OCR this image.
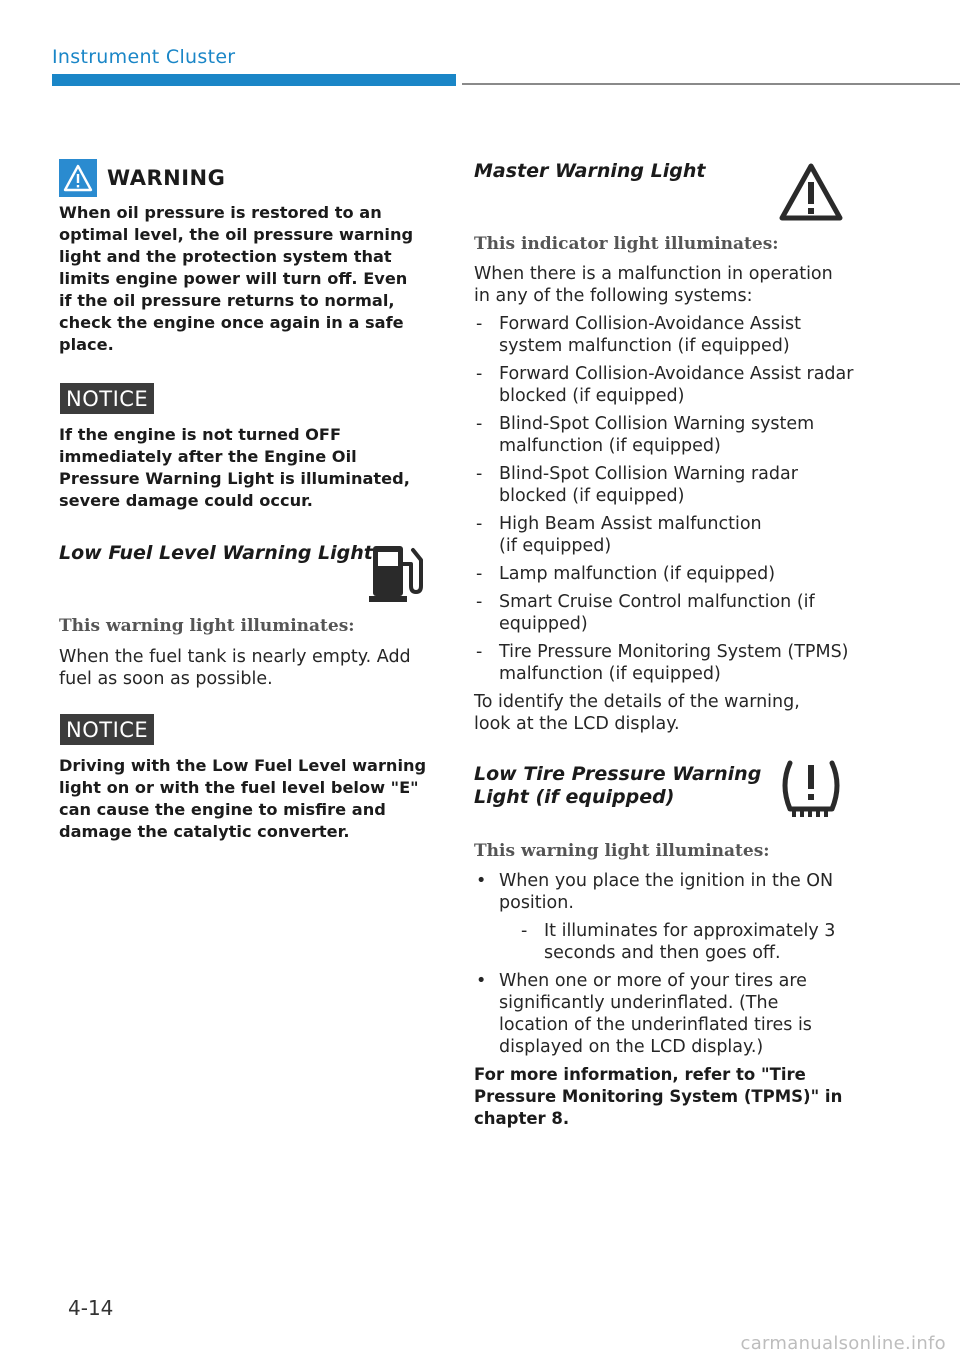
Instrument Cluster
WARNING

When oil pressure is restored to an optimal level, the oil pressure warning light and the protection system that limits engine power will turn off. Even if the oil pressure returns to normal, check the engine once again in a safe place.

NOTICE

If the engine is not turned OFF immediately after the Engine Oil Pressure Warning Light is illuminated, severe damage could occur.

Low Fuel Level Warning Light

This warning light illuminates:

When the fuel tank is nearly empty. Add fuel as soon as possible.

NOTICE

Driving with the Low Fuel Level warning light on or with the fuel level below "E" can cause the engine to misfire and damage the catalytic converter.

Master Warning Light

This indicator light illuminates:

When there is a malfunction in operation in any of the following systems:

- Forward Collision-Avoidance Assist system malfunction (if equipped)
- Forward Collision-Avoidance Assist radar blocked (if equipped)
- Blind-Spot Collision Warning system malfunction (if equipped)
- Blind-Spot Collision Warning radar blocked (if equipped)
- High Beam Assist malfunction (if equipped)
- Lamp malfunction (if equipped)
- Smart Cruise Control malfunction (if equipped)
- Tire Pressure Monitoring System (TPMS) malfunction (if equipped)

To identify the details of the warning, look at the LCD display.

Low Tire Pressure Warning Light (if equipped)

This warning light illuminates:

• When you place the ignition in the ON position.
- It illuminates for approximately 3 seconds and then goes off.
• When one or more of your tires are significantly underinflated. (The location of the underinflated tires is displayed on the LCD display.)

For more information, refer to "Tire Pressure Monitoring System (TPMS)" in chapter 8.

4-14
carmanualsonline.info
